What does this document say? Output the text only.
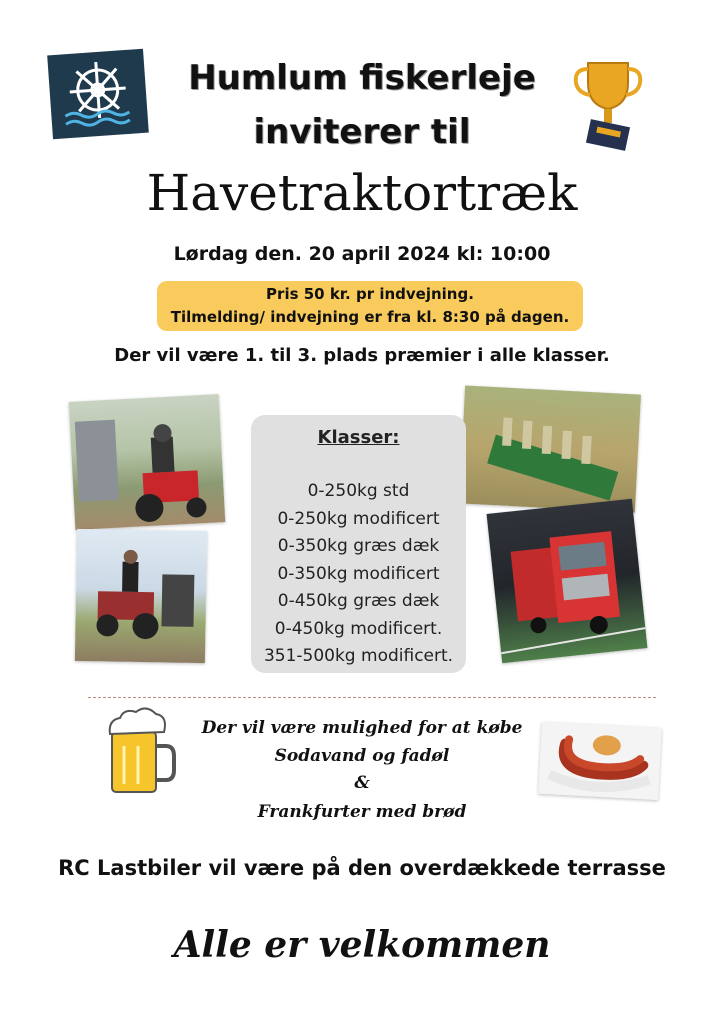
Humlum fiskerleje
inviterer til
Havetraktortræk
Lørdag den. 20 april 2024 kl: 10:00
Pris 50 kr. pr indvejning.
Tilmelding/ indvejning er fra kl. 8:30 på dagen.
Der vil være 1. til 3. plads præmier i alle klasser.
Klasser:
0-250kg std
0-250kg modificert
0-350kg græs dæk
0-350kg modificert
0-450kg græs dæk
0-450kg modificert.
351-500kg modificert.
Der vil være mulighed for at købe
Sodavand og fadøl
&
Frankfurter med brød
RC Lastbiler vil være på den overdækkede terrasse
Alle er velkommen
